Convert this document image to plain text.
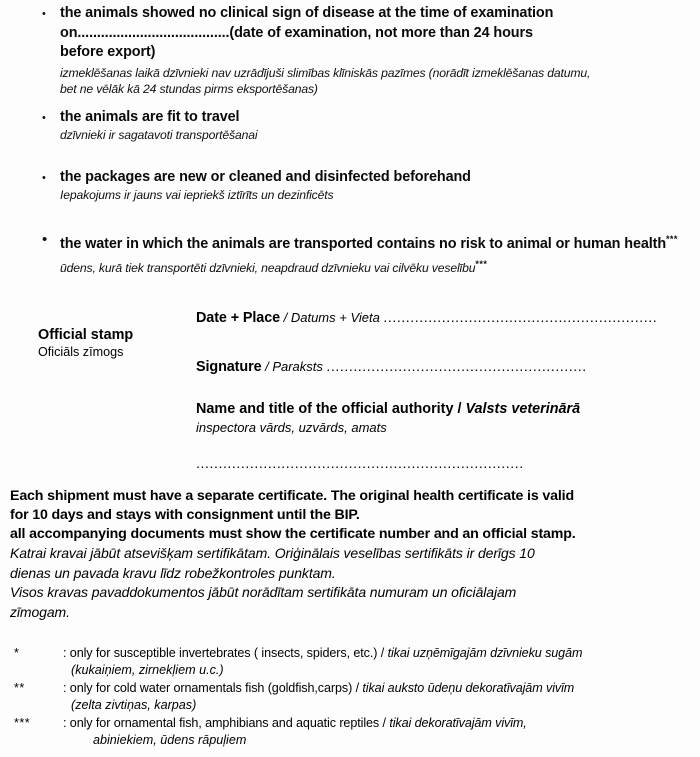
• the animals showed no clinical sign of disease at the time of examination
on.......................................(date of examination, not more than 24 hours
before export)
izmeklēšanas laikā dzīvnieki nav uzrādījuši slimības klīniskās pazīmes (norādīt izmeklēšanas datumu,
bet ne vēlāk kā 24 stundas pirms eksportēšanas)
• the animals are fit to travel
dzīvnieki ir sagatavoti transportēšanai
• the packages are new or cleaned and disinfected beforehand
Iepakojums ir jauns vai iepriekš iztīrīts un dezinficēts
• the water in which the animals are transported contains no risk to animal or human health***
ūdens, kurā tiek transportēti dzīvnieki, neapdraud dzīvnieku vai cilvēku veselību***
Official stamp
Oficiāls zīmogs
Date + Place / Datums + Vieta .............................................................
Signature / Paraksts ..........................................................
Name and title of the official authority / Valsts veterinārā
inspectora vārds, uzvārds, amats
.........................................................................
Each shipment must have a separate certificate. The original health certificate is valid
for 10 days and stays with consignment until the BIP.
all accompanying documents must show the certificate number and an official stamp.
Katrai kravai jābūt atsevišķam sertifikātam. Oriģinālais veselības sertifikāts ir derīgs 10
dienas un pavada kravu līdz robežkontroles punktam.
Visos kravas pavaddokumentos jābūt norādītam sertifikāta numuram un oficiālajam
zīmogam.
*	: only for susceptible invertebrates ( insects, spiders, etc.) / tikai uzņēmīgajām dzīvnieku sugām
(kukaiņiem, zirnekļiem u.c.)
**	: only for cold water ornamentals fish (goldfish,carps) / tikai auksto ūdeņu dekoratīvajām vivīm
(zelta zivtiņas, karpas)
***	: only for ornamental fish, amphibians and aquatic reptiles / tikai dekoratīvajām vivīm,
abiniekiem, ūdens rāpuļiem
